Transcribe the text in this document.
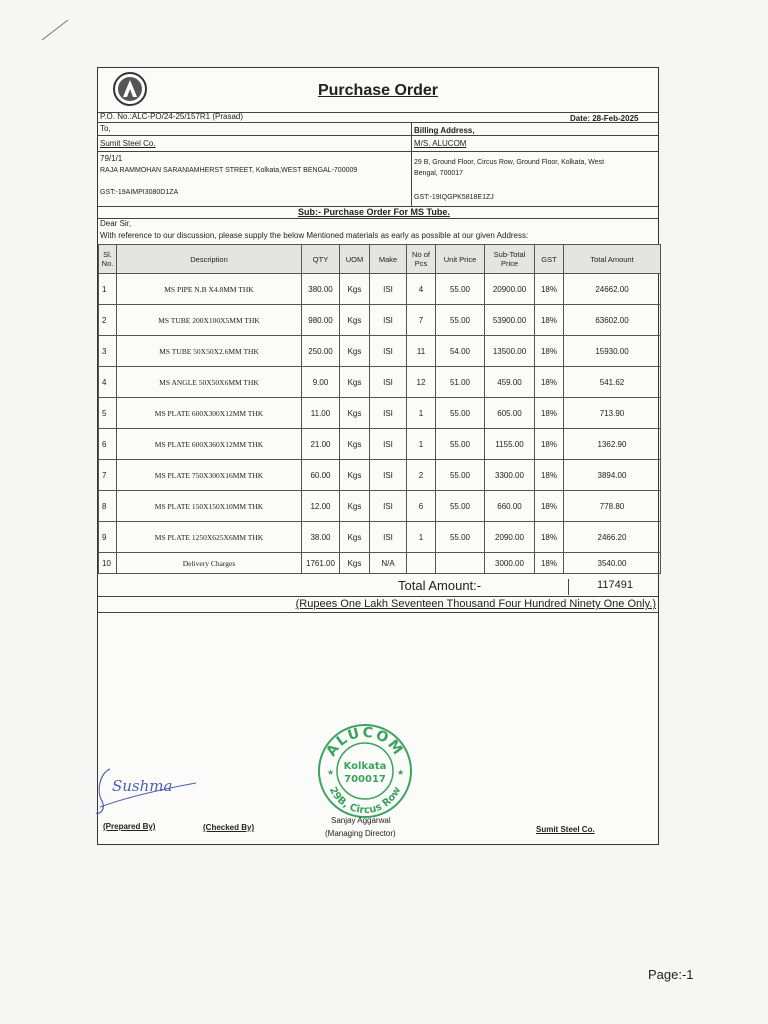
Purchase Order
P.O. No.:ALC-PO/24-25/157R1 (Prasad)	Date: 28-Feb-2025
To,	Billing Address,
Sumit Steel Co.	M/S. ALUCOM
79/1/1
RAJA RAMMOHAN SARANIAMHERST STREET, Kolkata,WEST BENGAL-700009
GST:-19AIMPI3080D1ZA
29 B, Ground Floor, Circus Row, Ground Floor, Kolkata, West
Bengal, 700017
GST:-19IQGPK5818E1ZJ
Sub:- Purchase Order For MS Tube.
Dear Sir,
With reference to our discussion, please supply the below Mentioned materials as early as possible at our given Address:
Sl. No.	Description	QTY	UOM	Make	No of Pcs	Unit Price	Sub-Total Price	GST	Total Amount
1	MS PIPE N.B X4.8MM THK	380.00	Kgs	ISI	4	55.00	20900.00	18%	24662.00
2	MS TUBE 200X100X5MM THK	980.00	Kgs	ISI	7	55.00	53900.00	18%	63602.00
3	MS TUBE 50X50X2.6MM THK	250.00	Kgs	ISI	11	54.00	13500.00	18%	15930.00
4	MS ANGLE 50X50X6MM THK	9.00	Kgs	ISI	12	51.00	459.00	18%	541.62
5	MS PLATE 600X300X12MM THK	11.00	Kgs	ISI	1	55.00	605.00	18%	713.90
6	MS PLATE 600X360X12MM THK	21.00	Kgs	ISI	1	55.00	1155.00	18%	1362.90
7	MS PLATE 750X300X16MM THK	60.00	Kgs	ISI	2	55.00	3300.00	18%	3894.00
8	MS PLATE 150X150X10MM THK	12.00	Kgs	ISI	6	55.00	660.00	18%	778.80
9	MS PLATE 1250X625X6MM THK	38.00	Kgs	ISI	1	55.00	2090.00	18%	2466.20
10	Delivery Charges	1761.00	Kgs	N/A			3000.00	18%	3540.00
Total Amount:-	117491
(Rupees One Lakh Seventeen Thousand Four Hundred Ninety One Only.)
Sushma
ALUCOM
29B, Circus Row
Kolkata
700017
★	★
(Prepared By)	(Checked By)
Sanjay Aggarwal
(Managing Director)	Sumit Steel Co.
Page:-1
